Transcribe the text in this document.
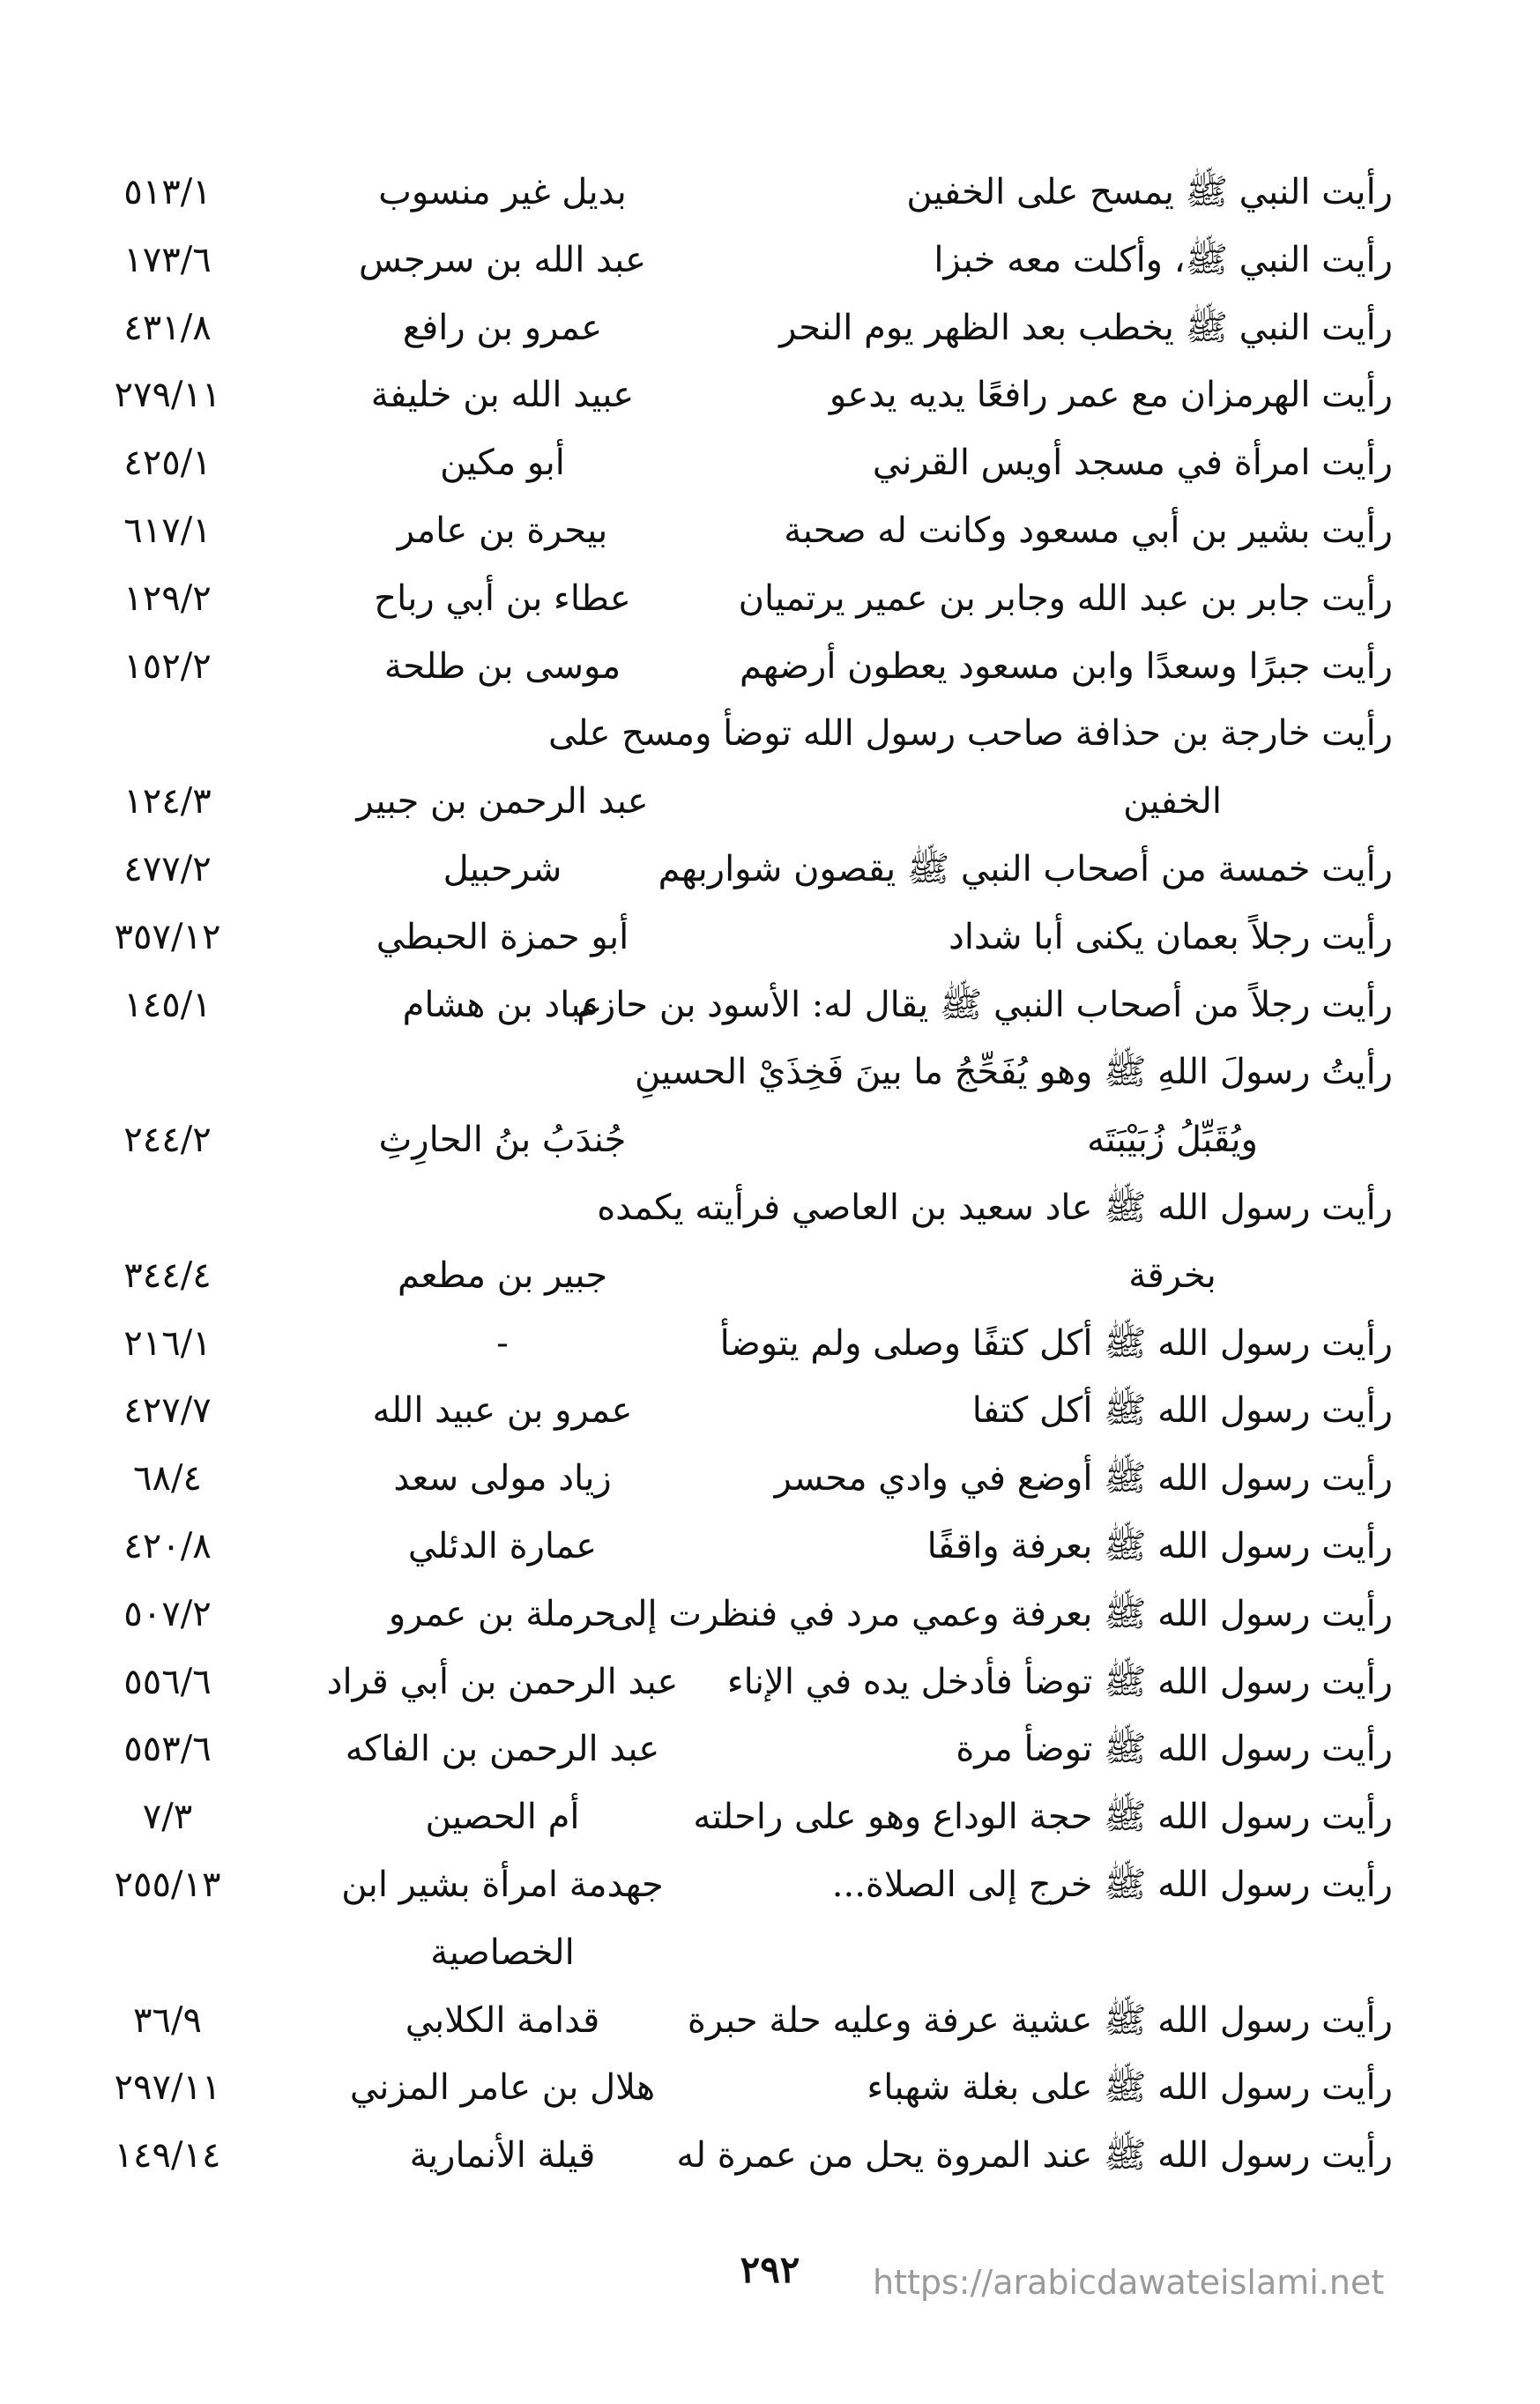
رأيت النبي ﷺ يمسح على الخفين
بديل غير منسوب
٥١٣/١
رأيت النبي ﷺ، وأكلت معه خبزا
عبد الله بن سرجس
١٧٣/٦
رأيت النبي ﷺ يخطب بعد الظهر يوم النحر
عمرو بن رافع
٤٣١/٨
رأيت الهرمزان مع عمر رافعًا يديه يدعو
عبيد الله بن خليفة
٢٧٩/١١
رأيت امرأة في مسجد أويس القرني
أبو مكين
٤٢٥/١
رأيت بشير بن أبي مسعود وكانت له صحبة
بيحرة بن عامر
٦١٧/١
رأيت جابر بن عبد الله وجابر بن عمير يرتميان
عطاء بن أبي رباح
١٢٩/٢
رأيت جبرًا وسعدًا وابن مسعود يعطون أرضهم
موسى بن طلحة
١٥٢/٢
رأيت خارجة بن حذافة صاحب رسول الله توضأ ومسح على
الخفين
عبد الرحمن بن جبير
١٢٤/٣
رأيت خمسة من أصحاب النبي ﷺ يقصون شواربهم
شرحبيل
٤٧٧/٢
رأيت رجلاً بعمان يكنى أبا شداد
أبو حمزة الحبطي
٣٥٧/١٢
رأيت رجلاً من أصحاب النبي ﷺ يقال له: الأسود بن حازم
عباد بن هشام
١٤٥/١
رأيتُ رسولَ اللهِ ﷺ وهو يُفَحِّجُ ما بينَ فَخِذَيْ الحسينِ
ويُقَبِّلُ زُبَيْبَتَه
جُندَبُ بنُ الحارِثِ
٢٤٤/٢
رأيت رسول الله ﷺ عاد سعيد بن العاصي فرأيته يكمده
بخرقة
جبير بن مطعم
٣٤٤/٤
رأيت رسول الله ﷺ أكل كتفًا وصلى ولم يتوضأ
-
٢١٦/١
رأيت رسول الله ﷺ أكل كتفا
عمرو بن عبيد الله
٤٢٧/٧
رأيت رسول الله ﷺ أوضع في وادي محسر
زياد مولى سعد
٦٨/٤
رأيت رسول الله ﷺ بعرفة واقفًا
عمارة الدئلي
٤٢٠/٨
رأيت رسول الله ﷺ بعرفة وعمي مرد في فنظرت إلى
حرملة بن عمرو
٥٠٧/٢
رأيت رسول الله ﷺ توضأ فأدخل يده في الإناء
عبد الرحمن بن أبي قراد
٥٥٦/٦
رأيت رسول الله ﷺ توضأ مرة
عبد الرحمن بن الفاكه
٥٥٣/٦
رأيت رسول الله ﷺ حجة الوداع وهو على راحلته
أم الحصين
٧/٣
رأيت رسول الله ﷺ خرج إلى الصلاة...
جهدمة امرأة بشير ابن
٢٥٥/١٣
الخصاصية
رأيت رسول الله ﷺ عشية عرفة وعليه حلة حبرة
قدامة الكلابي
٣٦/٩
رأيت رسول الله ﷺ على بغلة شهباء
هلال بن عامر المزني
٢٩٧/١١
رأيت رسول الله ﷺ عند المروة يحل من عمرة له
قيلة الأنمارية
١٤٩/١٤
٢٩٢	https://arabicdawateislami.net
